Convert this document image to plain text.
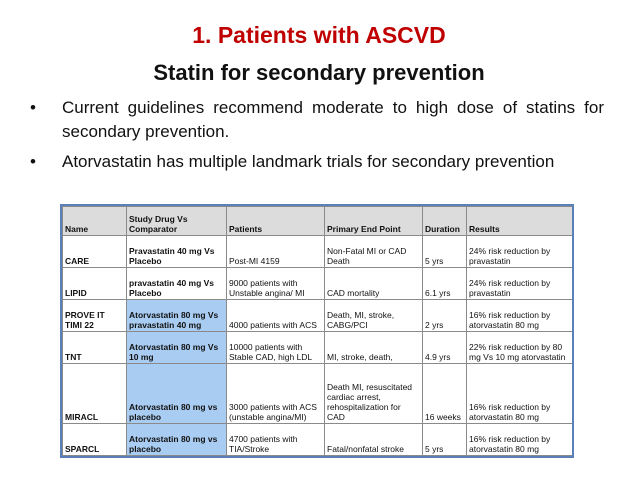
1. Patients with ASCVD
Statin for secondary prevention
• Current guidelines recommend moderate to high dose of statins for secondary prevention.
• Atorvastatin has multiple landmark trials for secondary prevention
Name	Study Drug Vs Comparator	Patients	Primary End Point	Duration	Results
CARE	Pravastatin 40 mg Vs Placebo	Post-MI 4159	Non-Fatal MI or CAD Death	5 yrs	24% risk reduction by pravastatin
LIPID	pravastatin 40 mg Vs Placebo	9000 patients with Unstable angina/ MI	CAD mortality	6.1 yrs	24% risk reduction by pravastatin
PROVE IT TIMI 22	Atorvastatin 80 mg Vs pravastatin 40 mg	4000 patients with ACS	Death, MI, stroke, CABG/PCI	2 yrs	16% risk reduction by atorvastatin 80 mg
TNT	Atorvastatin 80 mg Vs 10 mg	10000 patients with Stable CAD, high LDL	MI, stroke, death,	4.9 yrs	22% risk reduction by 80 mg Vs 10 mg atorvastatin
MIRACL	Atorvastatin 80 mg vs placebo	3000 patients with ACS (unstable angina/MI)	Death MI, resuscitated cardiac arrest, rehospitalization for CAD	16 weeks	16% risk reduction by atorvastatin 80 mg
SPARCL	Atorvastatin 80 mg vs placebo	4700 patients with TIA/Stroke	Fatal/nonfatal stroke	5 yrs	16% risk reduction by atorvastatin 80 mg
